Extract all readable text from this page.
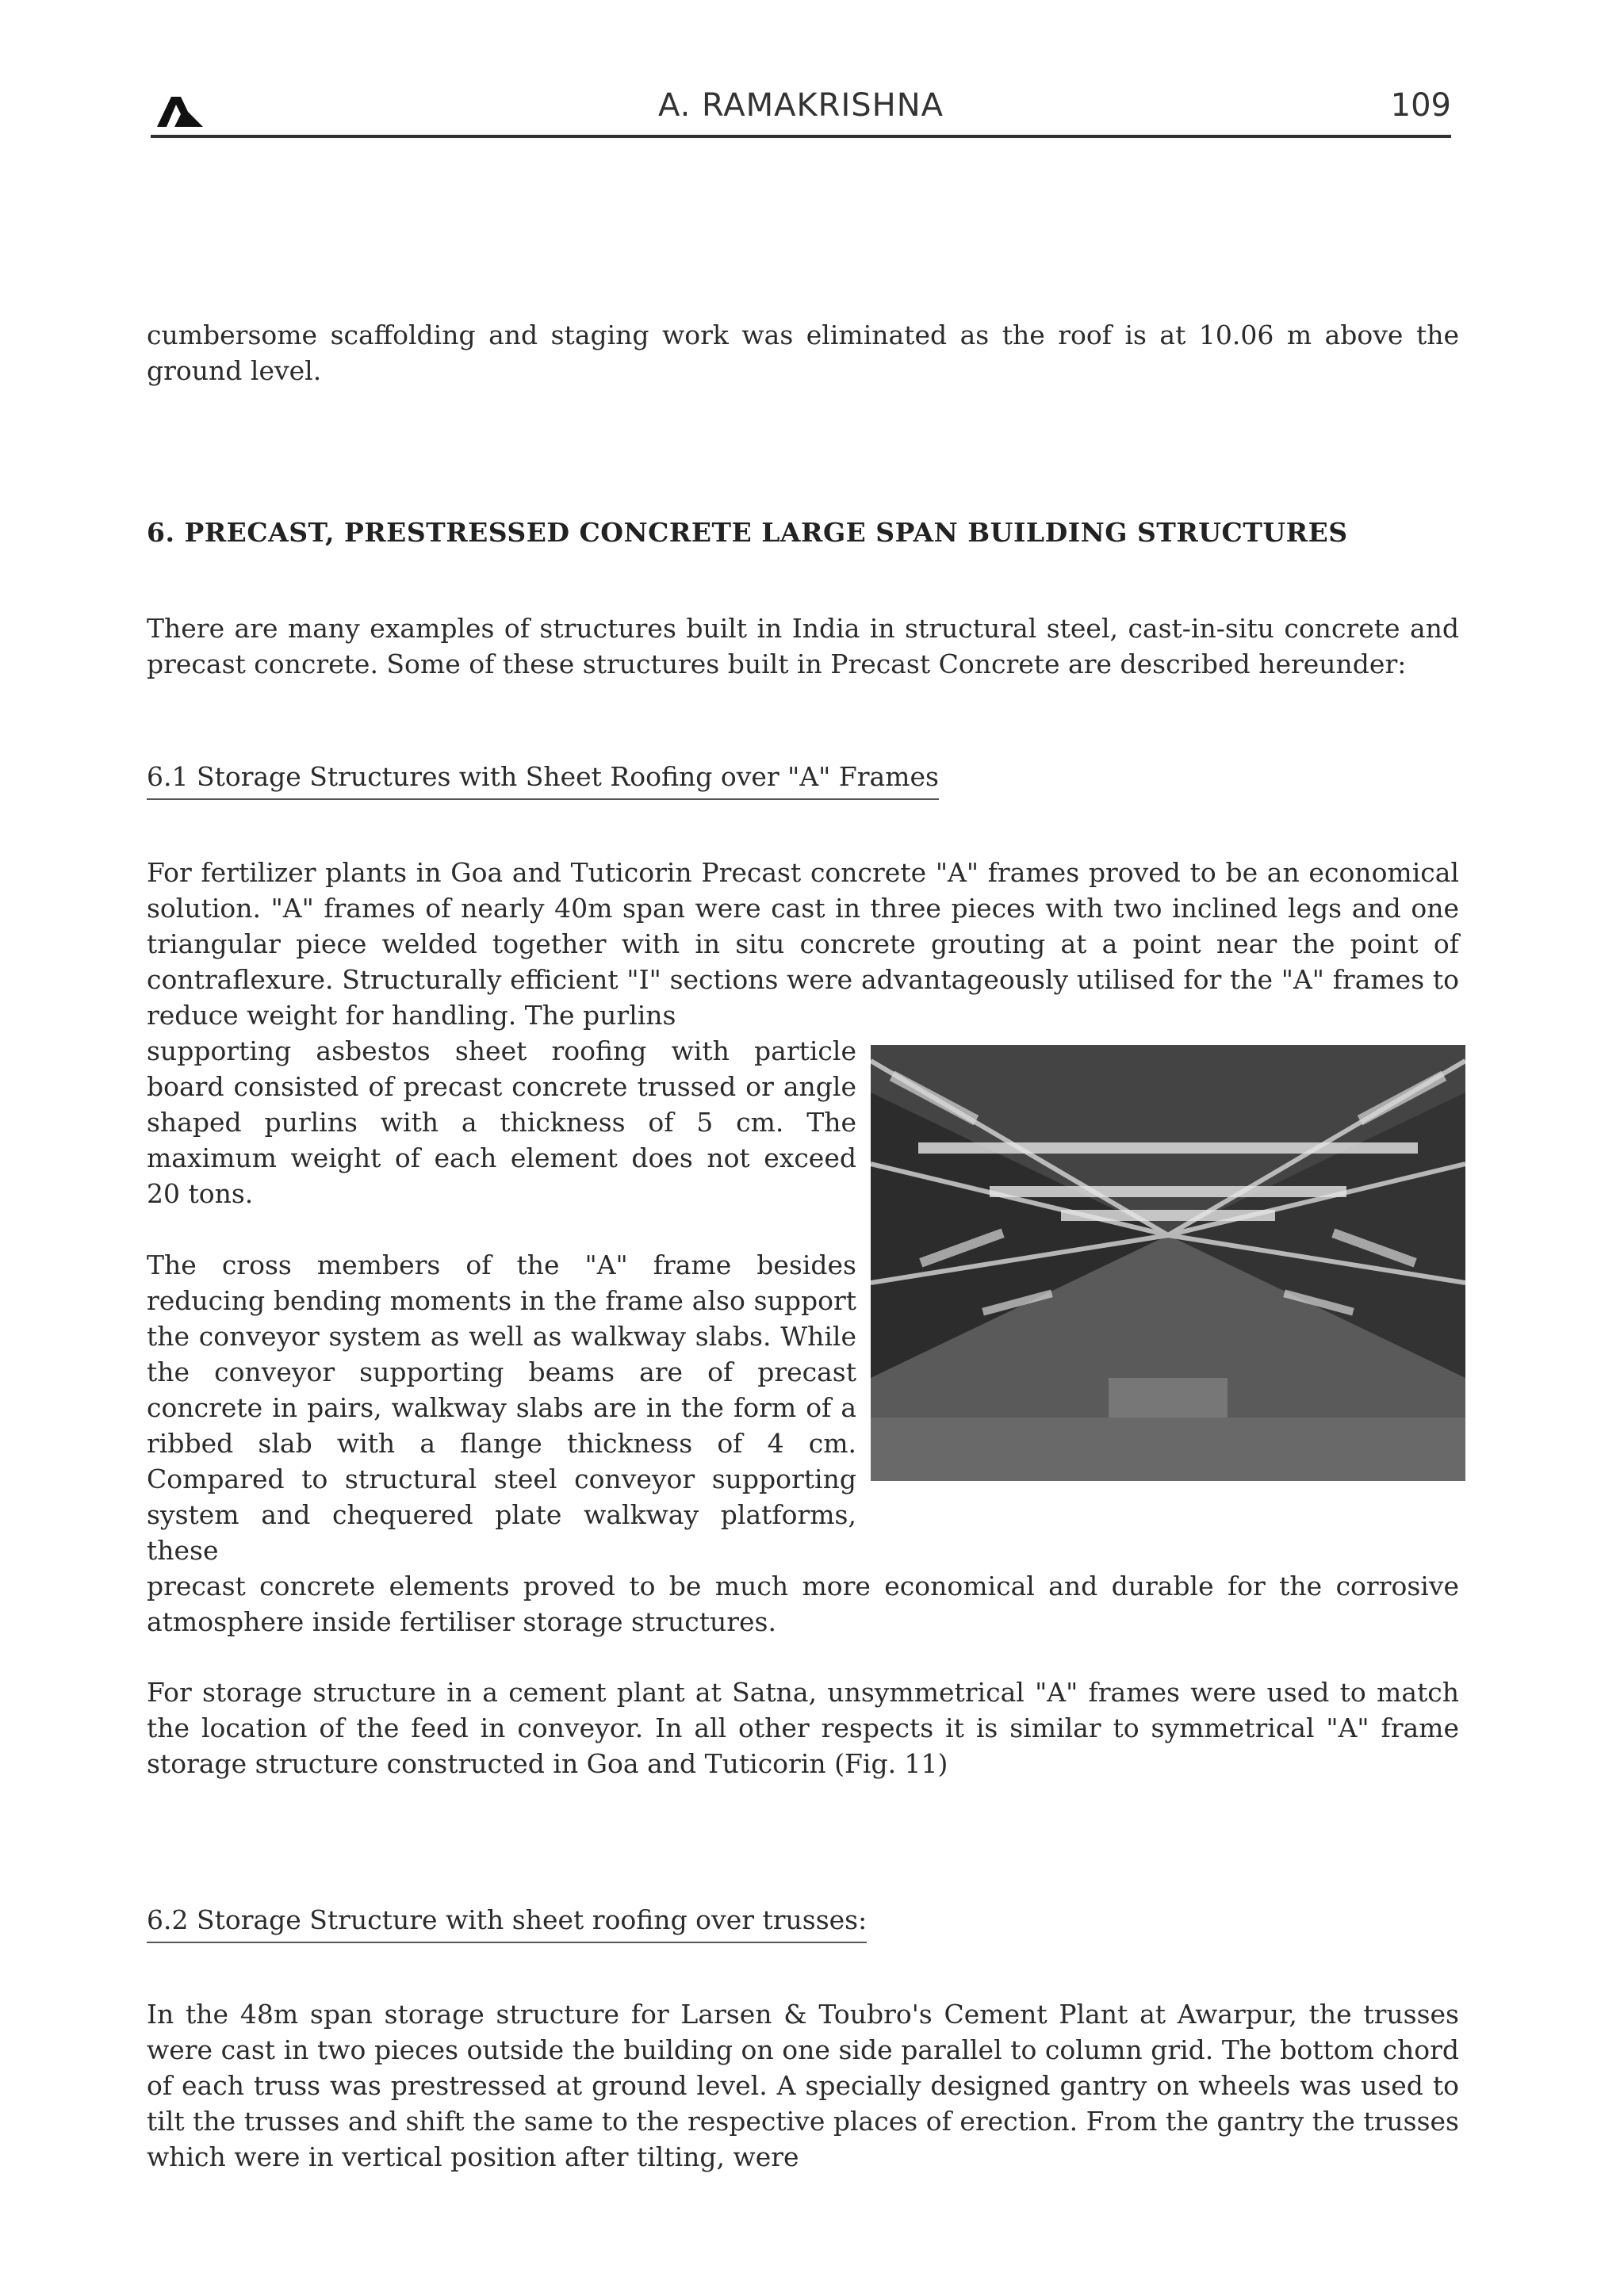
A. RAMAKRISHNA	109

cumbersome scaffolding and staging work was eliminated as the roof is at 10.06 m above the ground level.

6. PRECAST, PRESTRESSED CONCRETE LARGE SPAN BUILDING STRUCTURES

There are many examples of structures built in India in structural steel, cast-in-situ concrete and precast concrete. Some of these structures built in Precast Concrete are described hereunder:

6.1 Storage Structures with Sheet Roofing over "A" Frames

For fertilizer plants in Goa and Tuticorin Precast concrete "A" frames proved to be an economical solution. "A" frames of nearly 40m span were cast in three pieces with two inclined legs and one triangular piece welded together with in situ concrete grouting at a point near the point of contraflexure. Structurally efficient "I" sections were advantageously utilised for the "A" frames to reduce weight for handling. The purlins

supporting asbestos sheet roofing with particle board consisted of precast concrete trussed or angle shaped purlins with a thickness of 5 cm. The maximum weight of each element does not exceed 20 tons.

The cross members of the "A" frame besides reducing bending moments in the frame also support the conveyor system as well as walkway slabs. While the conveyor supporting beams are of precast concrete in pairs, walkway slabs are in the form of a ribbed slab with a flange thickness of 4 cm. Compared to structural steel conveyor supporting system and chequered plate walkway platforms, these

precast concrete elements proved to be much more economical and durable for the corrosive atmosphere inside fertiliser storage structures.

For storage structure in a cement plant at Satna, unsymmetrical "A" frames were used to match the location of the feed in conveyor. In all other respects it is similar to symmetrical "A" frame storage structure constructed in Goa and Tuticorin (Fig. 11)

6.2 Storage Structure with sheet roofing over trusses:

In the 48m span storage structure for Larsen & Toubro's Cement Plant at Awarpur, the trusses were cast in two pieces outside the building on one side parallel to column grid. The bottom chord of each truss was prestressed at ground level. A specially designed gantry on wheels was used to tilt the trusses and shift the same to the respective places of erection. From the gantry the trusses which were in vertical position after tilting, were
